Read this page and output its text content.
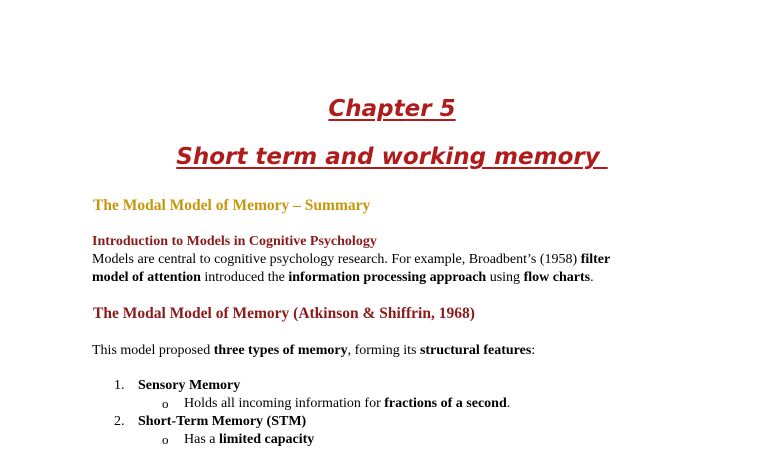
Chapter 5
Short term and working memory
The Modal Model of Memory – Summary
Introduction to Models in Cognitive Psychology

Models are central to cognitive psychology research. For example, Broadbent’s (1958) filter

model of attention introduced the information processing approach using flow charts.

The Modal Model of Memory (Atkinson & Shiffrin, 1968)

This model proposed three types of memory, forming its structural features:

1. Sensory Memory
o Holds all incoming information for fractions of a second.
2. Short-Term Memory (STM)
o Has a limited capacity
